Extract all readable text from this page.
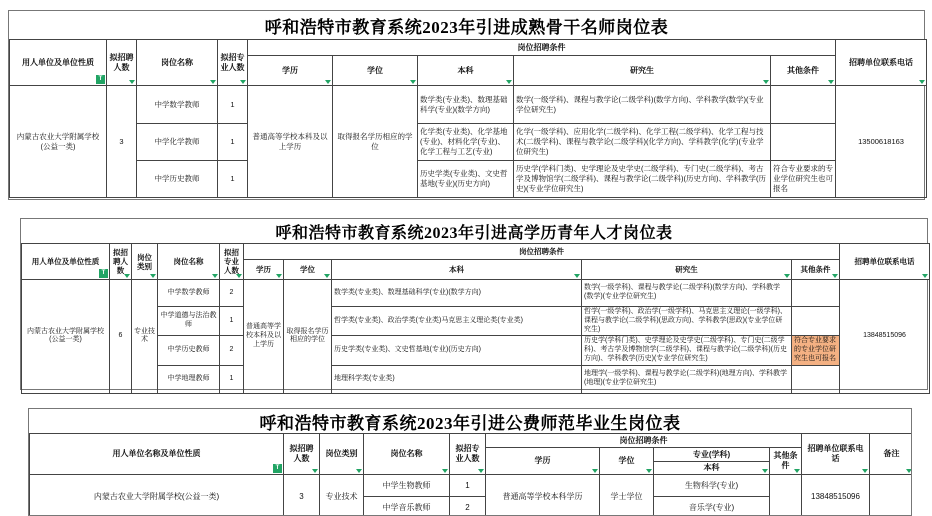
呼和浩特市教育系统2023年引进成熟骨干名师岗位表
用人单位及单位性质
T	拟招聘人数	岗位名称	拟招专业人数	岗位招聘条件					招聘单位联系电话

				学历	学位	本科	研究生	其他条件	

内蒙古农业大学附属学校(公益一类)	3	中学数学教师	1	普通高等学校本科及以上学历	取得报名学历相应的学位	数学类(专业类)、数理基础科学(专业)(数学方向)	数学(一级学科)、课程与教学论(二级学科)(数学方向)、学科教学(数学)(专业学位研究生)		13500618163
		中学化学教师	1			化学类(专业类)、化学基地(专业)、材料化学(专业)、化学工程与工艺(专业)	化学(一级学科)、应用化学(二级学科)、化学工程(二级学科)、化学工程与技术(二级学科)、课程与教学论(二级学科)(化学方向)、学科教学(化学)(专业学位研究生)		
		中学历史教师	1			历史学类(专业类)、文史哲基地(专业)(历史方向)	历史学(学科门类)、史学理论及史学史(二级学科)、专门史(二级学科)、考古学及博物馆学(二级学科)、课程与教学论(二级学科)(历史方向)、学科教学(历史)(专业学位研究生)	符合专业要求的专业学位研究生也可报名	
呼和浩特市教育系统2023年引进高学历青年人才岗位表
用人单位及单位性质
T	拟招聘人数	岗位类别	岗位名称	拟招专业人数	岗位招聘条件					招聘单位联系电话

					学历	学位	本科	研究生	其他条件	

内蒙古农业大学附属学校(公益一类)	6	专业技术	中学数学教师	2	普通高等学校本科及以上学历	取得报名学历相应的学位	数学类(专业类)、数理基础科学(专业)(数学方向)	数学(一级学科)、课程与教学论(二级学科)(数学方向)、学科教学(数学)(专业学位研究生)		13848515096
			中学道德与法治教师	1			哲学类(专业类)、政治学类(专业类)马克思主义理论类(专业类)	哲学(一级学科)、政治学(一级学科)、马克思主义理论(一级学科)、课程与教学论(二级学科)(思政方向)、学科教学(思政)(专业学位研究生)		
			中学历史教师	2			历史学类(专业类)、文史哲基地(专业)(历史方向)	历史学(学科门类)、史学理论及史学史(二级学科)、专门史(二级学科)、考古学及博物馆学(二级学科)、课程与教学论(二级学科)(历史方向)、学科教学(历史)(专业学位研究生)	符合专业要求的专业学位研究生也可报名	
			中学地理教师	1			地理科学类(专业类)	地理学(一级学科)、课程与教学论(二级学科)(地理方向)、学科教学(地理)(专业学位研究生)		
呼和浩特市教育系统2023年引进公费师范毕业生岗位表
用人单位名称及单位性质
T	拟招聘人数	岗位类别	岗位名称	拟招专业人数	岗位招聘条件				招聘单位联系电话	备注

					学历	学位	专业(学科)	其他条件		

							本科			

内蒙古农业大学附属学校(公益一类)	3	专业技术	中学生物教师	1	普通高等学校本科学历	学士学位	生物科学(专业)		13848515096	
			中学音乐教师	2			音乐学(专业)			
